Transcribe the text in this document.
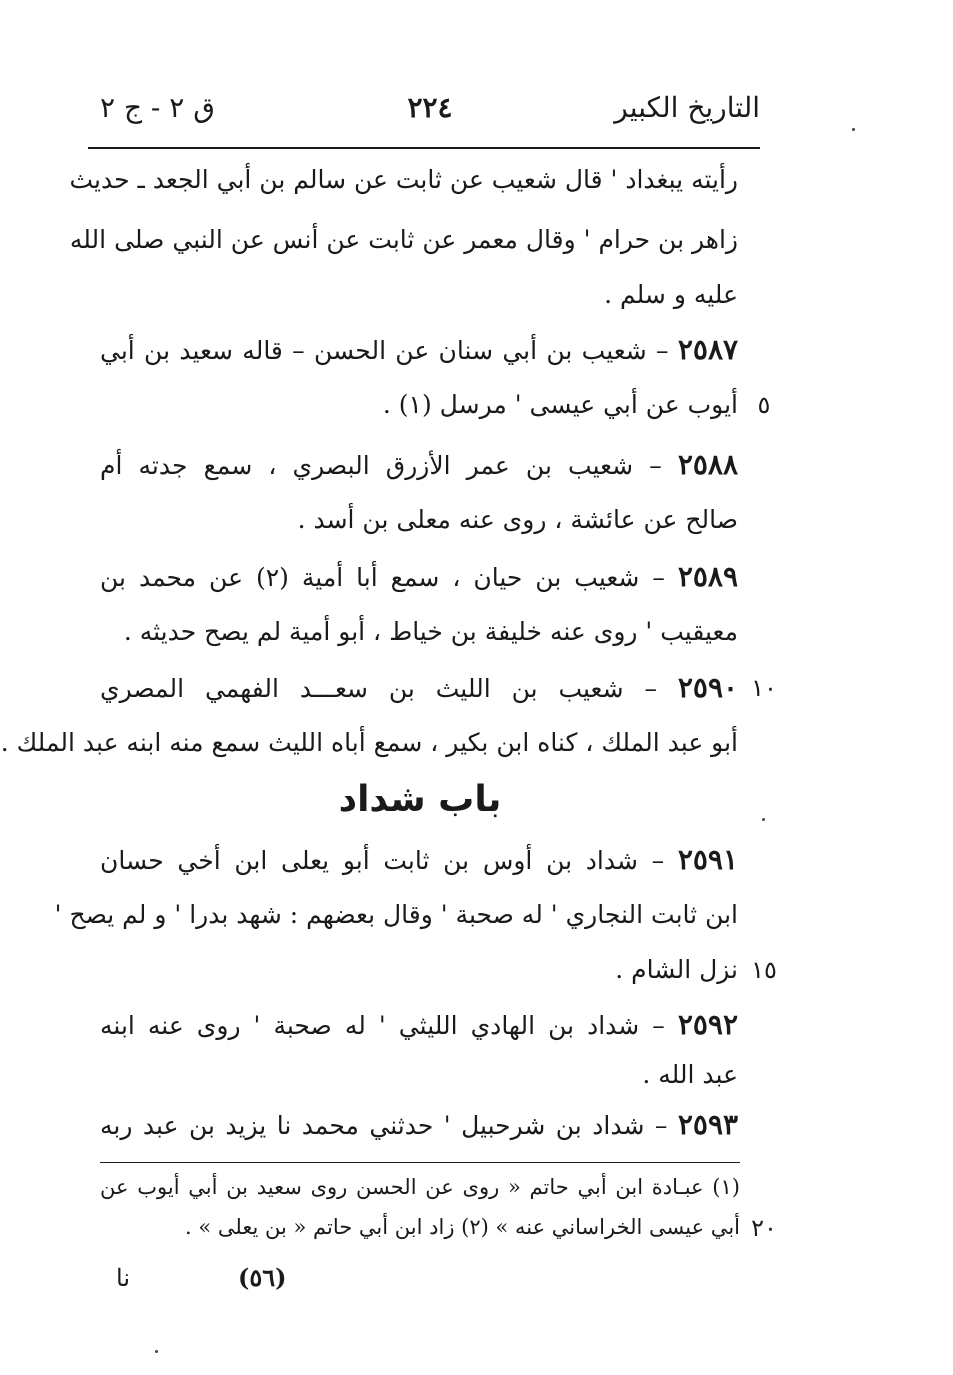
التاريخ الكبير
٢٢٤
ق ٢ - ج ٢
رأيته يبغداد ' قال شعيب عن ثابت عن سالم بن أبي الجعد ـ حديث
زاهر بن حرام ' وقال معمر عن ثابت عن أنس عن النبي صلى الله
عليه و سلم .
٢٥٨٧ – شعيب بن أبي سنان عن الحسن – قاله سعيد بن أبي
أيوب عن أبي عيسى ' مرسل (١) . ٥
٢٥٨٨ – شعيب بن عمر الأزرق البصري ، سمع جدته أم
صالح عن عائشة ، روى عنه معلى بن أسد .
٢٥٨٩ – شعيب بن حيان ، سمع أبا أمية (٢) عن محمد بن
معيقيب ' روى عنه خليفة بن خياط ، أبو أمية لم يصح حديثه .
٢٥٩٠ – شعيب بن الليث بن سعـــد الفهمي المصري	١٠
أبو عبد الملك ، كناه ابن بكير ، سمع أباه الليث سمع منه ابنه عبد الملك .
باب شداد
٢٥٩١ – شداد بن أوس بن ثابت أبو يعلى ابن أخي حسان
ابن ثابت النجاري ' له صحبة ' وقال بعضهم : شهد بدرا ' و لم يصح '
نزل الشام . ١٥
٢٥٩٢ – شداد بن الهادي الليثي ' له صحبة ' روى عنه ابنه
عبد الله .
٢٥٩٣ – شداد بن شرحبيل ' حدثني محمد نا يزيد بن عبد ربه
(١) عبـادة ابن أبي حاتم « روى عن الحسن روى سعيد بن أبي أيوب عن
أبي عيسى الخراساني عنه » (٢) زاد ابن أبي حاتم « بن يعلى » . ٢٠
(٥٦)
نا
